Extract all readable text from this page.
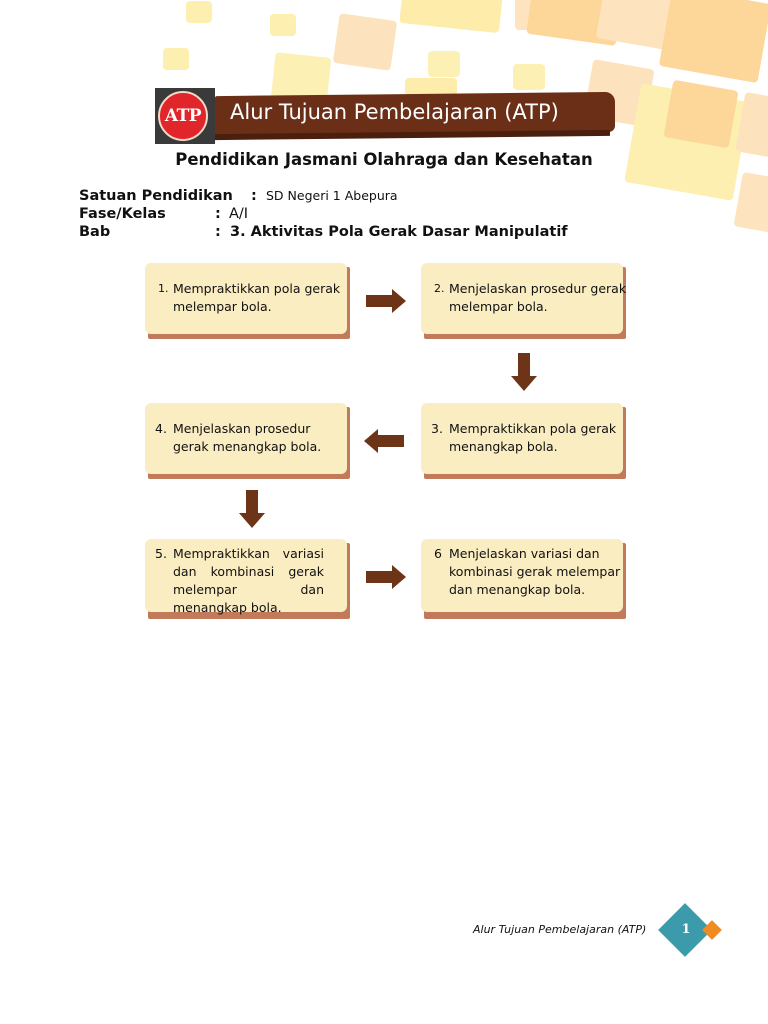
ATP Alur Tujuan Pembelajaran (ATP)
Pendidikan Jasmani Olahraga dan Kesehatan
Satuan Pendidikan : SD Negeri 1 Abepura
Fase/Kelas	: A/I
Bab	: 3. Aktivitas Pola Gerak Dasar Manipulatif
1. Mempraktikkan pola gerak melempar bola.
2. Menjelaskan prosedur gerak melempar bola.
4. Menjelaskan prosedur gerak menangkap bola.
3. Mempraktikkan pola gerak menangkap bola.
5. Mempraktikkan variasi dan kombinasi gerak melempar dan menangkap bola.
6 Menjelaskan variasi dan kombinasi gerak melempar dan menangkap bola.
Alur Tujuan Pembelajaran (ATP)	1
